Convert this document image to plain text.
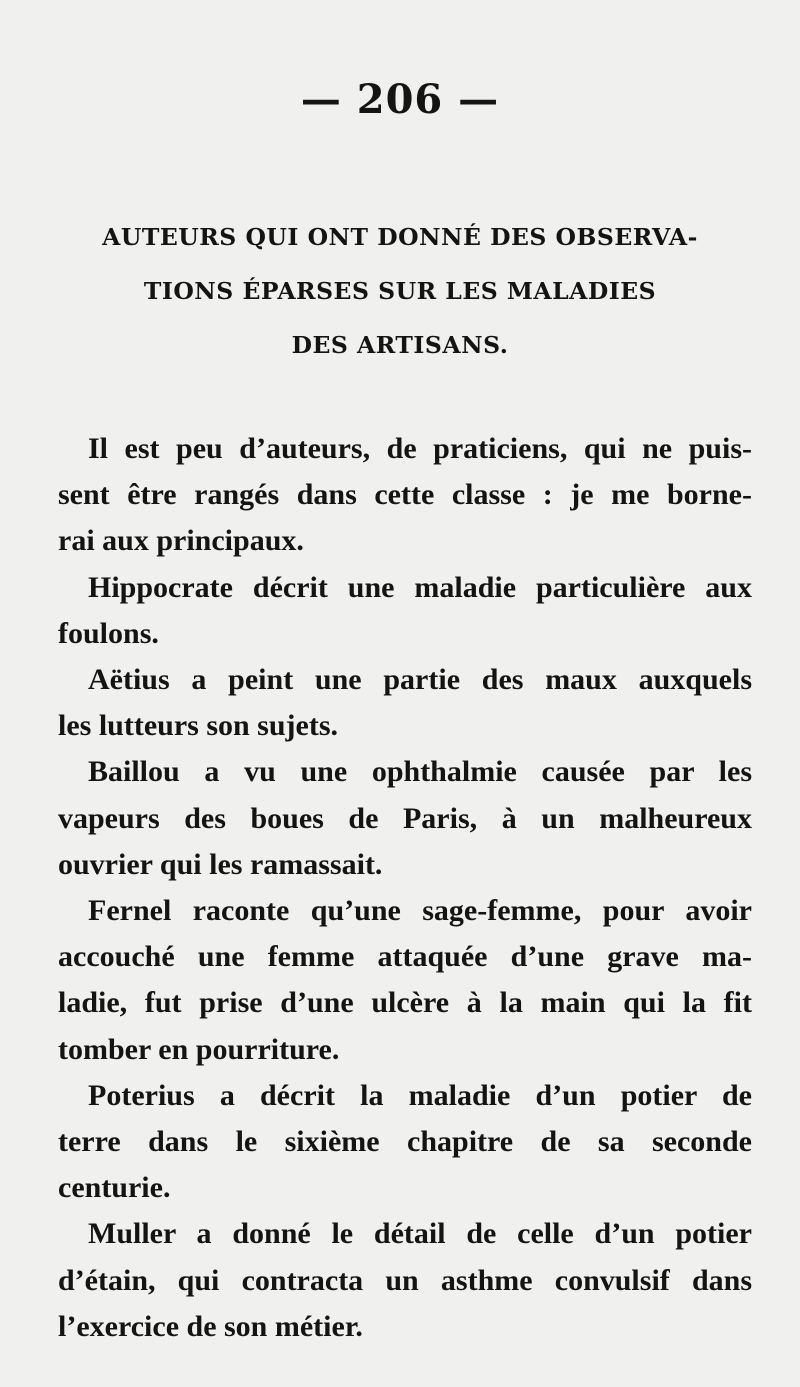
— 206 —
AUTEURS QUI ONT DONNÉ DES OBSERVA-
TIONS ÉPARSES SUR LES MALADIES
DES ARTISANS.
Il est peu d’auteurs, de praticiens, qui ne puis-
sent être rangés dans cette classe : je me borne-
rai aux principaux.
Hippocrate décrit une maladie particulière aux
foulons.
Aëtius a peint une partie des maux auxquels
les lutteurs son sujets.
Baillou a vu une ophthalmie causée par les
vapeurs des boues de Paris, à un malheureux
ouvrier qui les ramassait.
Fernel raconte qu’une sage-femme, pour avoir
accouché une femme attaquée d’une grave ma-
ladie, fut prise d’une ulcère à la main qui la fit
tomber en pourriture.
Poterius a décrit la maladie d’un potier de
terre dans le sixième chapitre de sa seconde
centurie.
Muller a donné le détail de celle d’un potier
d’étain, qui contracta un asthme convulsif dans
l’exercice de son métier.
